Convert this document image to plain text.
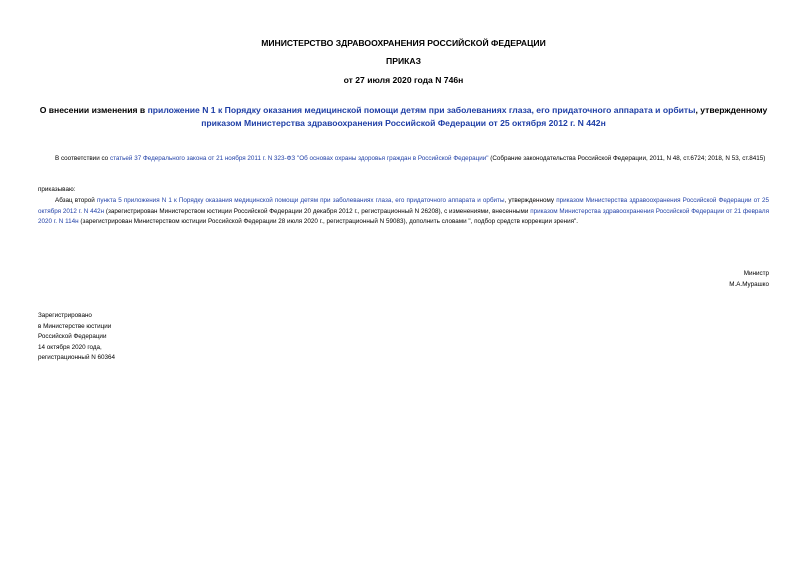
МИНИСТЕРСТВО ЗДРАВООХРАНЕНИЯ РОССИЙСКОЙ ФЕДЕРАЦИИ
ПРИКАЗ
от 27 июля 2020 года N 746н
О внесении изменения в приложение N 1 к Порядку оказания медицинской помощи детям при заболеваниях глаза, его придаточного аппарата и орбиты, утвержденному приказом Министерства здравоохранения Российской Федерации от 25 октября 2012 г. N 442н
В соответствии со статьей 37 Федерального закона от 21 ноября 2011 г. N 323-ФЗ "Об основах охраны здоровья граждан в Российской Федерации" (Собрание законодательства Российской Федерации, 2011, N 48, ст.6724; 2018, N 53, ст.8415)
приказываю:
Абзац второй пункта 5 приложения N 1 к Порядку оказания медицинской помощи детям при заболеваниях глаза, его придаточного аппарата и орбиты, утвержденному приказом Министерства здравоохранения Российской Федерации от 25 октября 2012 г. N 442н (зарегистрирован Министерством юстиции Российской Федерации 20 декабря 2012 г., регистрационный N 26208), с изменениями, внесенными приказом Министерства здравоохранения Российской Федерации от 21 февраля 2020 г. N 114н (зарегистрирован Министерством юстиции Российской Федерации 28 июля 2020 г., регистрационный N 59083), дополнить словами ", подбор средств коррекции зрения".
Министр
М.А.Мурашко
Зарегистрировано
в Министерстве юстиции
Российской Федерации
14 октября 2020 года,
регистрационный N 60364
